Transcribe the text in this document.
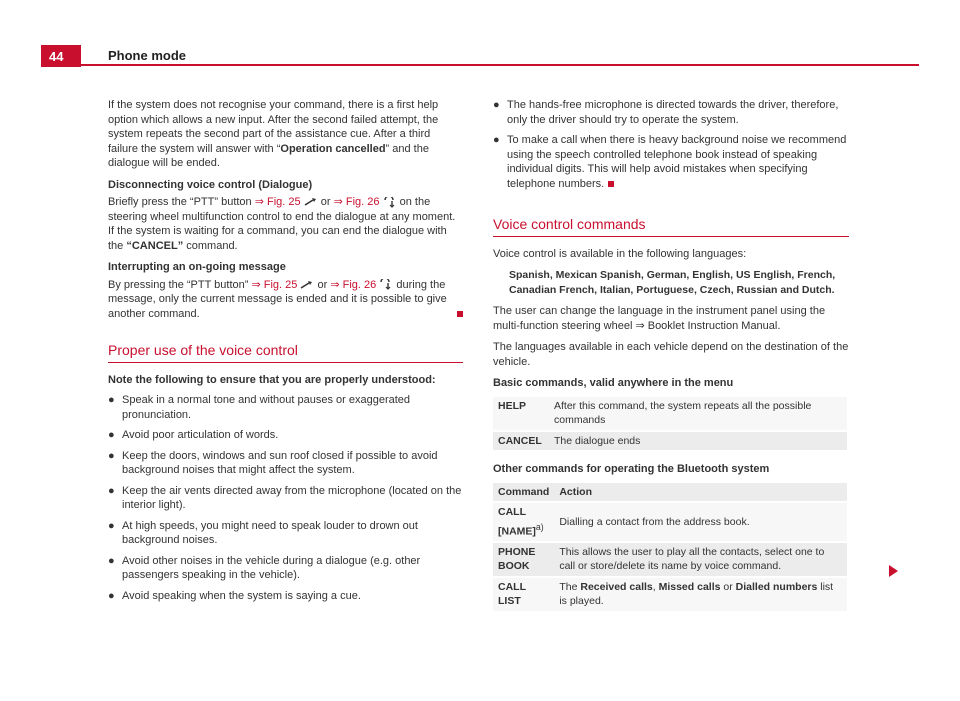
44	Phone mode

If the system does not recognise your command, there is a first help option which allows a new input. After the second failed attempt, the system repeats the second part of the assistance cue. After a third failure the system will answer with “Operation cancelled” and the dialogue will be ended.

Disconnecting voice control (Dialogue)

Briefly press the “PTT” button ⇒ Fig. 25  or ⇒ Fig. 26  on the steering wheel multifunction control to end the dialogue at any moment. If the system is waiting for a command, you can end the dialogue with the “CANCEL” command.

Interrupting an on-going message

By pressing the “PTT button” ⇒ Fig. 25  or ⇒ Fig. 26  during the message, only the current message is ended and it is possible to give another command.

Proper use of the voice control
Note the following to ensure that you are properly understood:
● Speak in a normal tone and without pauses or exaggerated pronunciation.
● Avoid poor articulation of words.
● Keep the doors, windows and sun roof closed if possible to avoid background noises that might affect the system.
● Keep the air vents directed away from the microphone (located on the interior light).
● At high speeds, you might need to speak louder to drown out background noises.
● Avoid other noises in the vehicle during a dialogue (e.g. other passengers speaking in the vehicle).
● Avoid speaking when the system is saying a cue.
● The hands-free microphone is directed towards the driver, therefore, only the driver should try to operate the system.
● To make a call when there is heavy background noise we recommend using the speech controlled telephone book instead of speaking individual digits. This will help avoid mistakes when specifying telephone numbers.
Voice control commands

Voice control is available in the following languages:

Spanish, Mexican Spanish, German, English, US English, French, Canadian French, Italian, Portuguese, Czech, Russian and Dutch.

The user can change the language in the instrument panel using the multi-function steering wheel ⇒ Booklet Instruction Manual.

The languages available in each vehicle depend on the destination of the vehicle.

Basic commands, valid anywhere in the menu
HELP	After this command, the system repeats all the possible commands
CANCEL	The dialogue ends
Other commands for operating the Bluetooth system
Command	Action
CALL [NAME]$^{a)}$	Dialling a contact from the address book.
PHONE BOOK	This allows the user to play all the contacts, select one to call or store/delete its name by voice command.
CALL LIST	The Received calls, Missed calls or Dialled numbers list is played.
